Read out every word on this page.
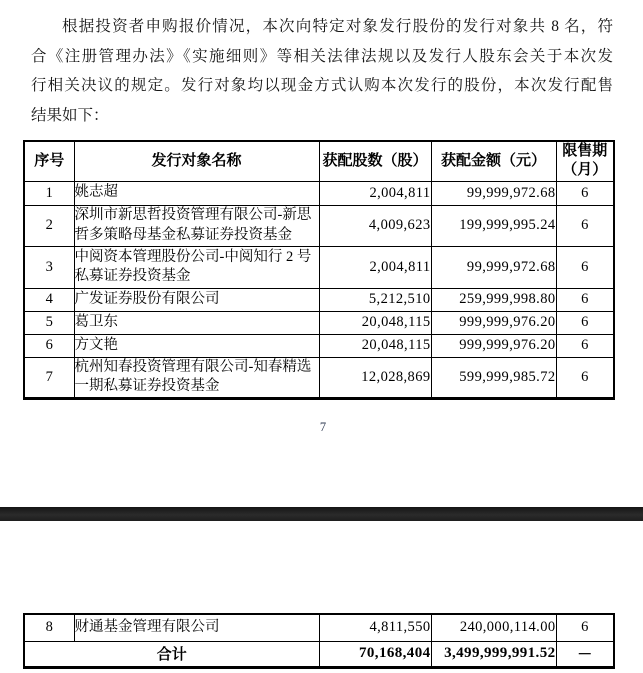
根据投资者申购报价情况，本次向特定对象发行股份的发行对象共 8 名，符
合《注册管理办法》《实施细则》等相关法律法规以及发行人股东会关于本次发
行相关决议的规定。发行对象均以现金方式认购本次发行的股份，本次发行配售
结果如下：
序号	发行对象名称	获配股数（股）	获配金额（元）	限售期（月）
1	姚志超	2,004,811	99,999,972.68	6
2	深圳市新思哲投资管理有限公司-新思哲多策略母基金私募证券投资基金	4,009,623	199,999,995.24	6
3	中阅资本管理股份公司-中阅知行 2 号私募证券投资基金	2,004,811	99,999,972.68	6
4	广发证券股份有限公司	5,212,510	259,999,998.80	6
5	葛卫东	20,048,115	999,999,976.20	6
6	方文艳	20,048,115	999,999,976.20	6
7	杭州知春投资管理有限公司-知春精选一期私募证券投资基金	12,028,869	599,999,985.72	6
7
8	财通基金管理有限公司	4,811,550	240,000,114.00	6
合计		70,168,404	3,499,999,991.52	－
